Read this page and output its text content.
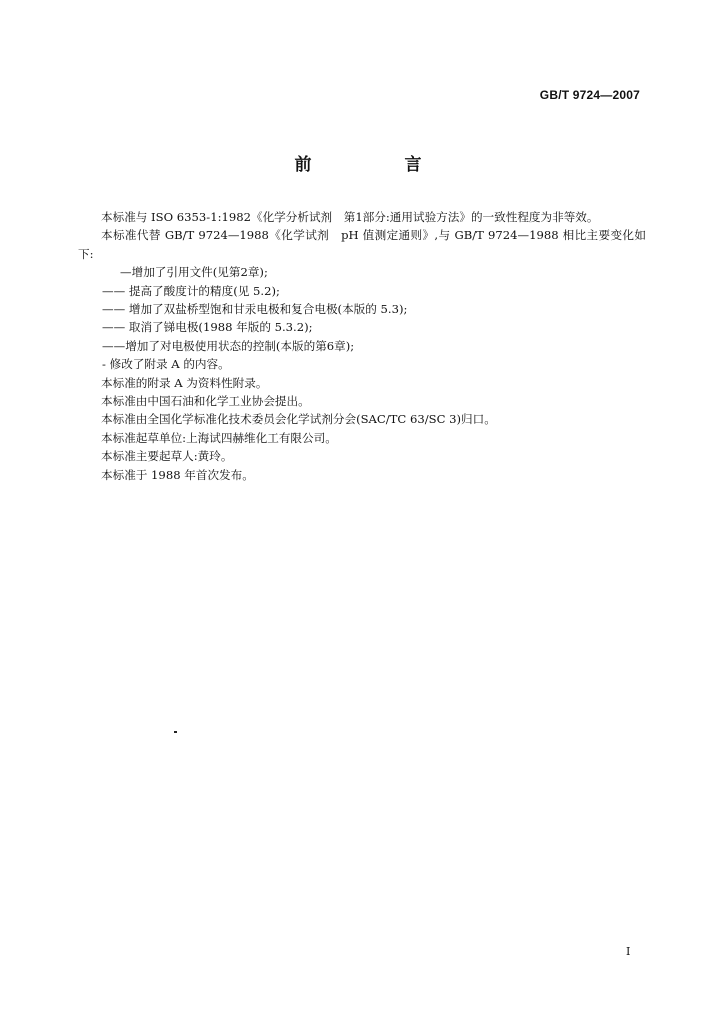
GB/T 9724—2007
前　言

本标准与 ISO 6353-1:1982《化学分析试剂　第1部分:通用试验方法》的一致性程度为非等效。

本标准代替 GB/T 9724—1988《化学试剂　pH 值测定通则》,与 GB/T 9724—1988 相比主要变化如下:

—增加了引用文件(见第2章);

—— 提高了酸度计的精度(见 5.2);

—— 增加了双盐桥型饱和甘汞电极和复合电极(本版的 5.3);

—— 取消了锑电极(1988 年版的 5.3.2);

——增加了对电极使用状态的控制(本版的第6章);

- 修改了附录 A 的内容。

本标准的附录 A 为资料性附录。

本标准由中国石油和化学工业协会提出。

本标准由全国化学标准化技术委员会化学试剂分会(SAC/TC 63/SC 3)归口。

本标准起草单位:上海试四赫维化工有限公司。

本标准主要起草人:黄玲。

本标准于 1988 年首次发布。

I
